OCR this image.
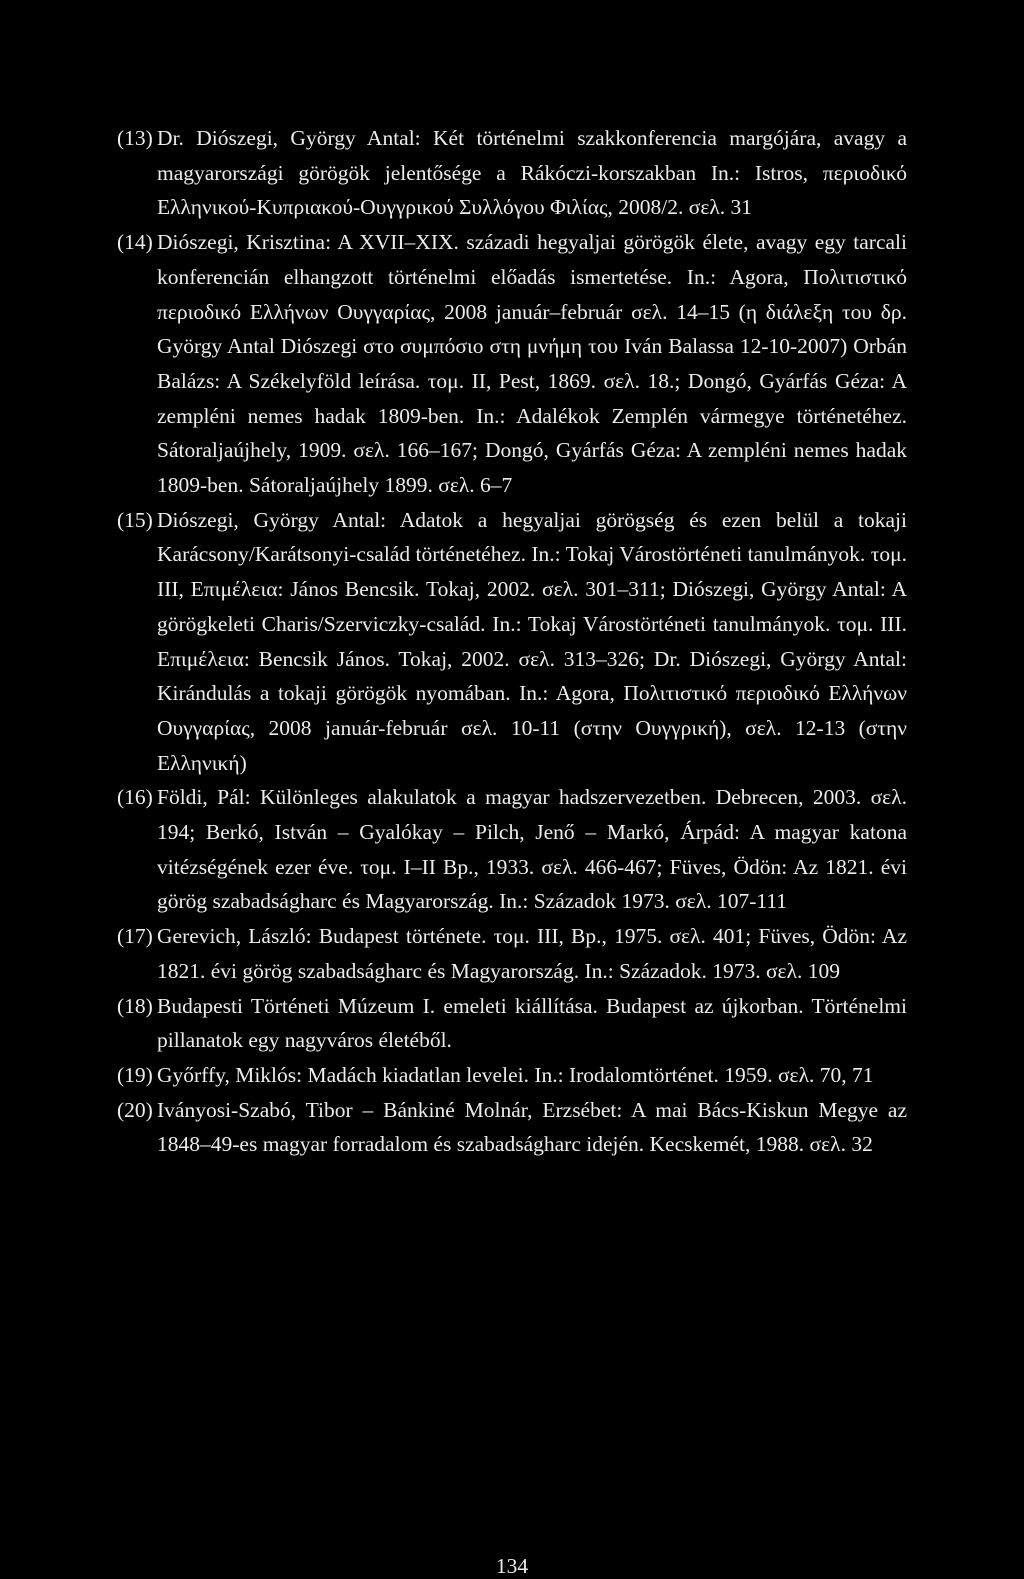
(13) Dr. Diószegi, György Antal: Két történelmi szakkonferencia margójára, avagy a magyarországi görögök jelentősége a Rákóczi-korszakban In.: Istros, περιοδικό Ελληνικού-Κυπριακού-Ουγγρικού Συλλόγου Φιλίας, 2008/2. σελ. 31
(14) Diószegi, Krisztina: A XVII–XIX. századi hegyaljai görögök élete, avagy egy tarcali konferencián elhangzott történelmi előadás ismertetése. In.: Agora, Πολιτιστικό περιοδικό Ελλήνων Ουγγαρίας, 2008 január–február σελ. 14–15 (η διάλεξη του δρ. György Antal Diószegi στο συμπόσιο στη μνήμη του Iván Balassa 12-10-2007) Orbán Balázs: A Székelyföld leírása. τομ. II, Pest, 1869. σελ. 18.; Dongó, Gyárfás Géza: A zempléni nemes hadak 1809-ben. In.: Adalékok Zemplén vármegye történetéhez. Sátoraljaújhely, 1909. σελ. 166–167; Dongó, Gyárfás Géza: A zempléni nemes hadak 1809-ben. Sátoraljaújhely 1899. σελ. 6–7
(15) Diószegi, György Antal: Adatok a hegyaljai görögség és ezen belül a tokaji Karácsony/Karátsonyi-család történetéhez. In.: Tokaj Várostörténeti tanulmányok. τομ. III, Επιμέλεια: János Bencsik. Tokaj, 2002. σελ. 301–311; Diószegi, György Antal: A görögkeleti Charis/Szerviczky-család. In.: Tokaj Várostörténeti tanulmányok. τομ. III. Επιμέλεια: Bencsik János. Tokaj, 2002. σελ. 313–326; Dr. Diószegi, György Antal: Kirándulás a tokaji görögök nyomában. In.: Agora, Πολιτιστικό περιοδικό Ελλήνων Ουγγαρίας, 2008 január-február σελ. 10-11 (στην Ουγγρική), σελ. 12-13 (στην Ελληνική)
(16) Földi, Pál: Különleges alakulatok a magyar hadszervezetben. Debrecen, 2003. σελ. 194; Berkó, István – Gyalókay – Pilch, Jenő – Markó, Árpád: A magyar katona vitézségének ezer éve. τομ. I–II Bp., 1933. σελ. 466-467; Füves, Ödön: Az 1821. évi görög szabadságharc és Magyarország. In.: Századok 1973. σελ. 107-111
(17) Gerevich, László: Budapest története. τομ. III, Bp., 1975. σελ. 401; Füves, Ödön: Az 1821. évi görög szabadságharc és Magyarország. In.: Századok. 1973. σελ. 109
(18) Budapesti Történeti Múzeum I. emeleti kiállítása. Budapest az újkorban. Történelmi pillanatok egy nagyváros életéből.
(19) Győrffy, Miklós: Madách kiadatlan levelei. In.: Irodalomtörténet. 1959. σελ. 70, 71
(20) Iványosi-Szabó, Tibor – Bánkiné Molnár, Erzsébet: A mai Bács-Kiskun Megye az 1848–49-es magyar forradalom és szabadságharc idején. Kecskemét, 1988. σελ. 32
134
